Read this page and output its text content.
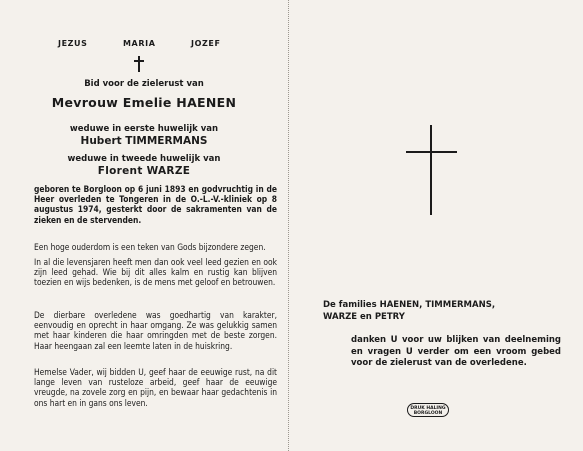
JEZUS	MARIA	JOZEF
Bid voor de zielerust van
Mevrouw Emelie HAENEN
weduwe in eerste huwelijk van
Hubert TIMMERMANS
weduwe in tweede huwelijk van
Florent WARZE
geboren te Borgloon op 6 juni 1893 en godvruchtig in de Heer overleden te Tongeren in de O.-L.-V.-kliniek op 8 augustus 1974, gesterkt door de sakramenten van de zieken en de stervenden.
Een hoge ouderdom is een teken van Gods bijzondere zegen.
In al die levensjaren heeft men dan ook veel leed gezien en ook zijn leed gehad. Wie bij dit alles kalm en rustig kan blijven toezien en wijs bedenken, is de mens met geloof en betrouwen.
De dierbare overledene was goedhartig van karakter, eenvoudig en oprecht in haar omgang. Ze was gelukkig samen met haar kinderen die haar omringden met de beste zorgen. Haar heengaan zal een leemte laten in de huiskring.
Hemelse Vader, wij bidden U, geef haar de eeuwige rust, na dit lange leven van rusteloze arbeid, geef haar de eeuwige vreugde, na zovele zorg en pijn, en bewaar haar gedachtenis in ons hart en in gans ons leven.
De families HAENEN, TIMMERMANS,
WARZE en PETRY
danken U voor uw blijken van deelneming en vragen U verder om een vroom gebed voor de zielerust van de overledene.
DRUK HALING
BORGLOON
